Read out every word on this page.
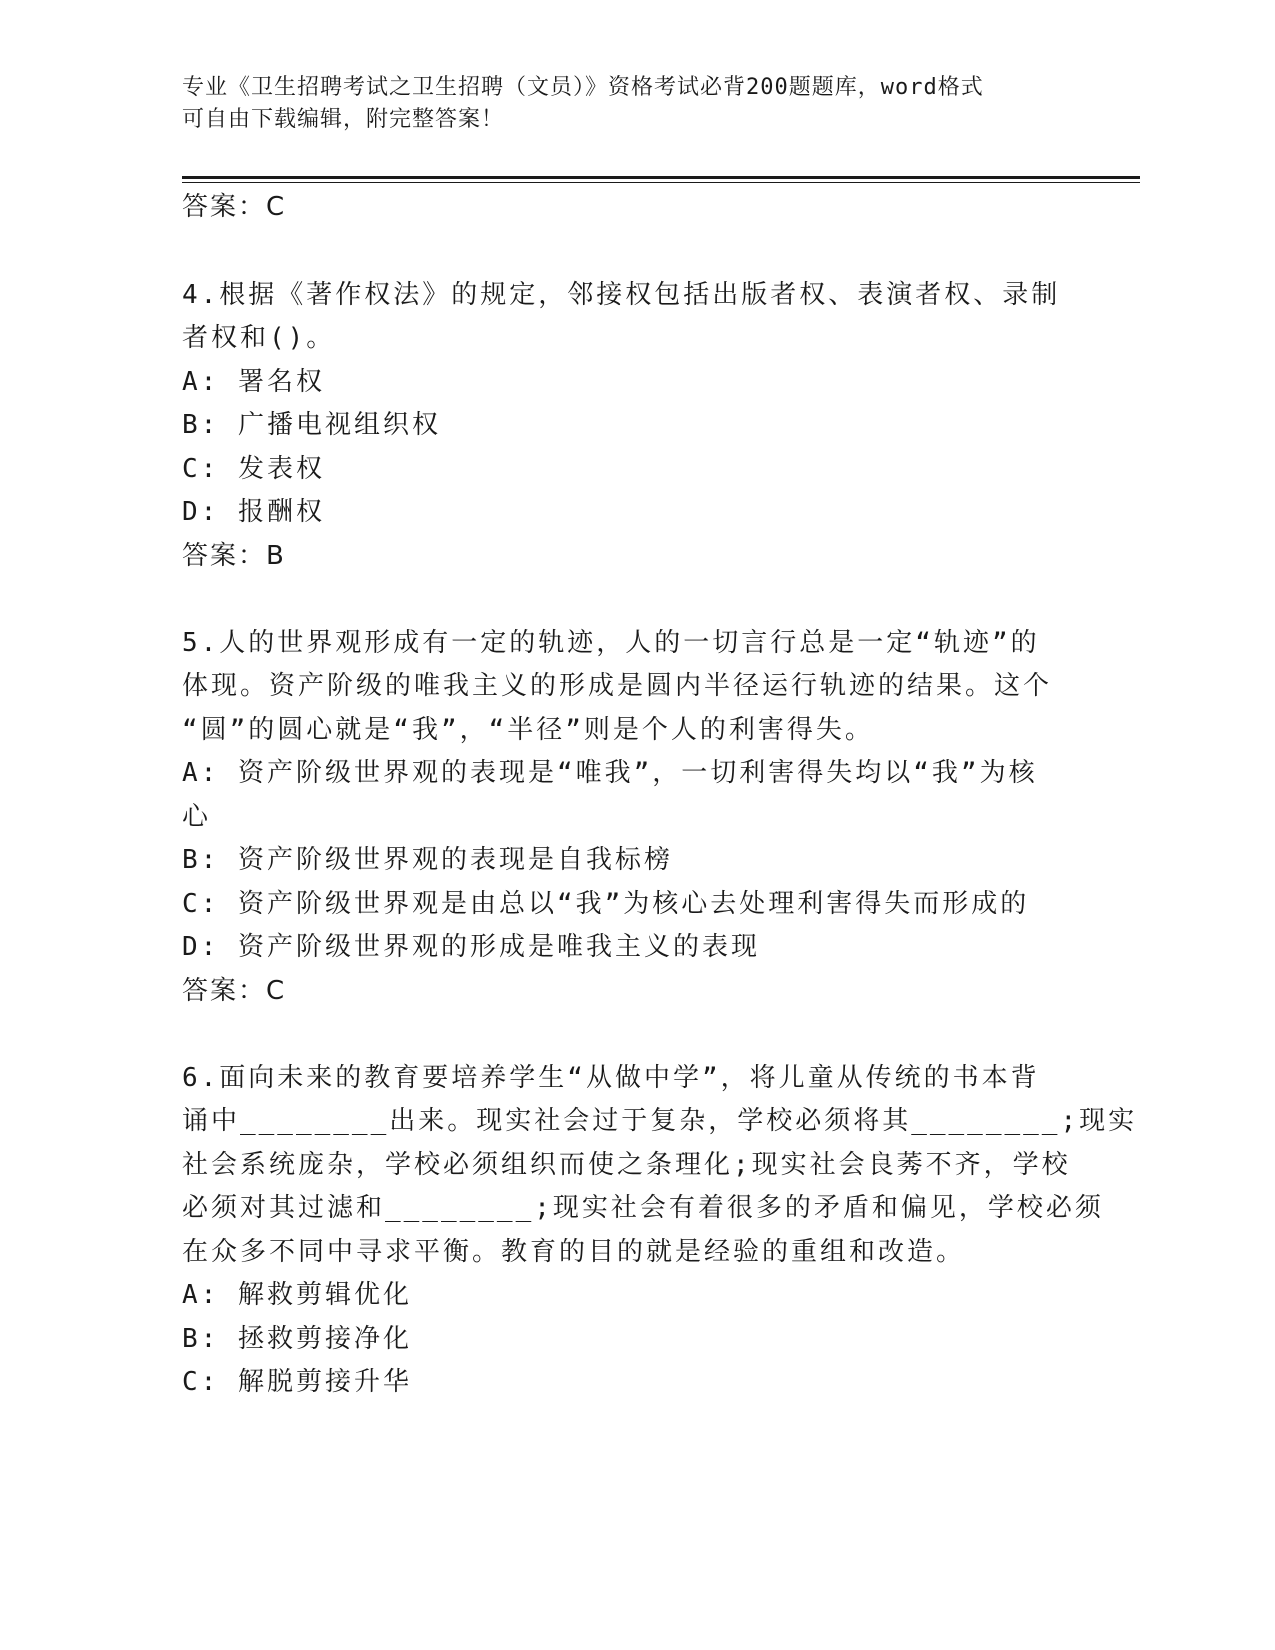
专业《卫生招聘考试之卫生招聘（文员）》资格考试必背200题题库，word格式
可自由下载编辑，附完整答案！
答案：C
4.根据《著作权法》的规定，邻接权包括出版者权、表演者权、录制
者权和()。
A: 署名权
B: 广播电视组织权
C: 发表权
D: 报酬权
答案：B
5.人的世界观形成有一定的轨迹，人的一切言行总是一定“轨迹”的
体现。资产阶级的唯我主义的形成是圆内半径运行轨迹的结果。这个
“圆”的圆心就是“我”，“半径”则是个人的利害得失。
A: 资产阶级世界观的表现是“唯我”，一切利害得失均以“我”为核
心
B: 资产阶级世界观的表现是自我标榜
C: 资产阶级世界观是由总以“我”为核心去处理利害得失而形成的
D: 资产阶级世界观的形成是唯我主义的表现
答案：C
6.面向未来的教育要培养学生“从做中学”，将儿童从传统的书本背
诵中________出来。现实社会过于复杂，学校必须将其________;现实
社会系统庞杂，学校必须组织而使之条理化;现实社会良莠不齐，学校
必须对其过滤和________;现实社会有着很多的矛盾和偏见，学校必须
在众多不同中寻求平衡。教育的目的就是经验的重组和改造。
A: 解救剪辑优化
B: 拯救剪接净化
C: 解脱剪接升华
